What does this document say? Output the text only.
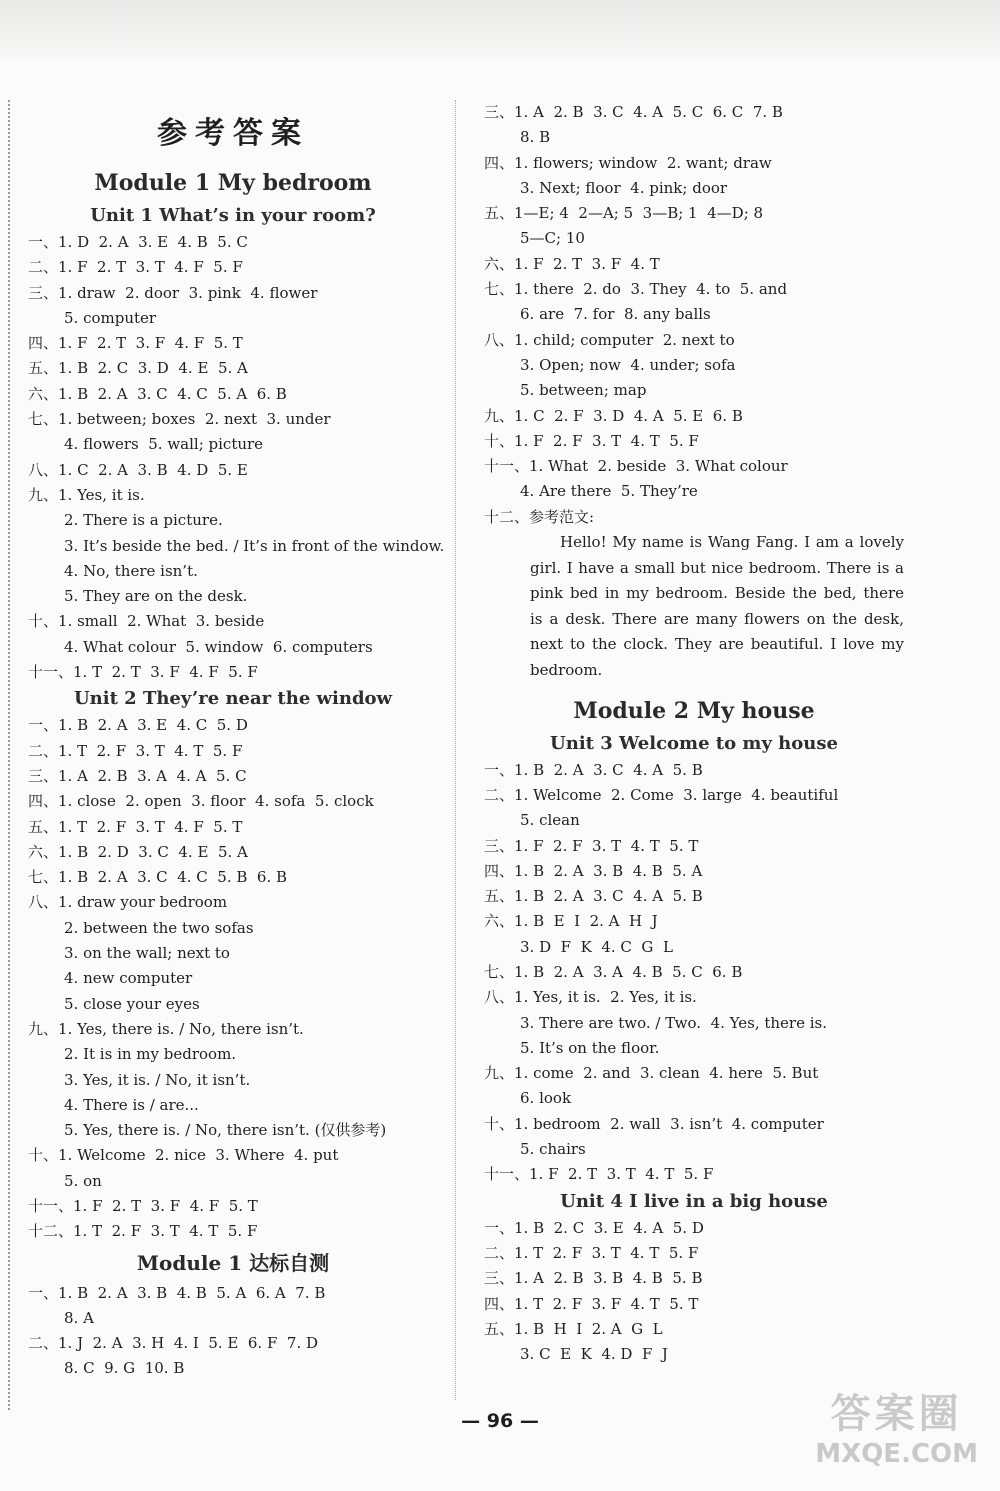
参考答案
Module 1 My bedroom
Unit 1 What’s in your room?
一、1. D  2. A  3. E  4. B  5. C
二、1. F  2. T  3. T  4. F  5. F
三、1. draw  2. door  3. pink  4. flower
5. computer
四、1. F  2. T  3. F  4. F  5. T
五、1. B  2. C  3. D  4. E  5. A
六、1. B  2. A  3. C  4. C  5. A  6. B
七、1. between; boxes  2. next  3. under
4. flowers  5. wall; picture
八、1. C  2. A  3. B  4. D  5. E
九、1. Yes, it is.
2. There is a picture.
3. It’s beside the bed. / It’s in front of the window.
4. No, there isn’t.
5. They are on the desk.
十、1. small  2. What  3. beside
4. What colour  5. window  6. computers
十一、1. T  2. T  3. F  4. F  5. F
Unit 2 They’re near the window
一、1. B  2. A  3. E  4. C  5. D
二、1. T  2. F  3. T  4. T  5. F
三、1. A  2. B  3. A  4. A  5. C
四、1. close  2. open  3. floor  4. sofa  5. clock
五、1. T  2. F  3. T  4. F  5. T
六、1. B  2. D  3. C  4. E  5. A
七、1. B  2. A  3. C  4. C  5. B  6. B
八、1. draw your bedroom
2. between the two sofas
3. on the wall; next to
4. new computer
5. close your eyes
九、1. Yes, there is. / No, there isn’t.
2. It is in my bedroom.
3. Yes, it is. / No, it isn’t.
4. There is / are...
5. Yes, there is. / No, there isn’t. (仅供参考)
十、1. Welcome  2. nice  3. Where  4. put
5. on
十一、1. F  2. T  3. F  4. F  5. T
十二、1. T  2. F  3. T  4. T  5. F
Module 1 达标自测
一、1. B  2. A  3. B  4. B  5. A  6. A  7. B
8. A
二、1. J  2. A  3. H  4. I  5. E  6. F  7. D
8. C  9. G  10. B
三、1. A  2. B  3. C  4. A  5. C  6. C  7. B
8. B
四、1. flowers; window  2. want; draw
3. Next; floor  4. pink; door
五、1—E; 4  2—A; 5  3—B; 1  4—D; 8
5—C; 10
六、1. F  2. T  3. F  4. T
七、1. there  2. do  3. They  4. to  5. and
6. are  7. for  8. any balls
八、1. child; computer  2. next to
3. Open; now  4. under; sofa
5. between; map
九、1. C  2. F  3. D  4. A  5. E  6. B
十、1. F  2. F  3. T  4. T  5. F
十一、1. What  2. beside  3. What colour
4. Are there  5. They’re
十二、参考范文:
Hello! My name is Wang Fang. I am a lovely girl. I have a small but nice bedroom. There is a pink bed in my bedroom. Beside the bed, there is a desk. There are many flowers on the desk, next to the clock. They are beautiful. I love my bedroom.
Module 2 My house
Unit 3 Welcome to my house
一、1. B  2. A  3. C  4. A  5. B
二、1. Welcome  2. Come  3. large  4. beautiful
5. clean
三、1. F  2. F  3. T  4. T  5. T
四、1. B  2. A  3. B  4. B  5. A
五、1. B  2. A  3. C  4. A  5. B
六、1. B  E  I  2. A  H  J
3. D  F  K  4. C  G  L
七、1. B  2. A  3. A  4. B  5. C  6. B
八、1. Yes, it is.  2. Yes, it is.
3. There are two. / Two.  4. Yes, there is.
5. It’s on the floor.
九、1. come  2. and  3. clean  4. here  5. But
6. look
十、1. bedroom  2. wall  3. isn’t  4. computer
5. chairs
十一、1. F  2. T  3. T  4. T  5. F
Unit 4 I live in a big house
一、1. B  2. C  3. E  4. A  5. D
二、1. T  2. F  3. T  4. T  5. F
三、1. A  2. B  3. B  4. B  5. B
四、1. T  2. F  3. F  4. T  5. T
五、1. B  H  I  2. A  G  L
3. C  E  K  4. D  F  J
— 96 —	答案圈
MXQE.COM
